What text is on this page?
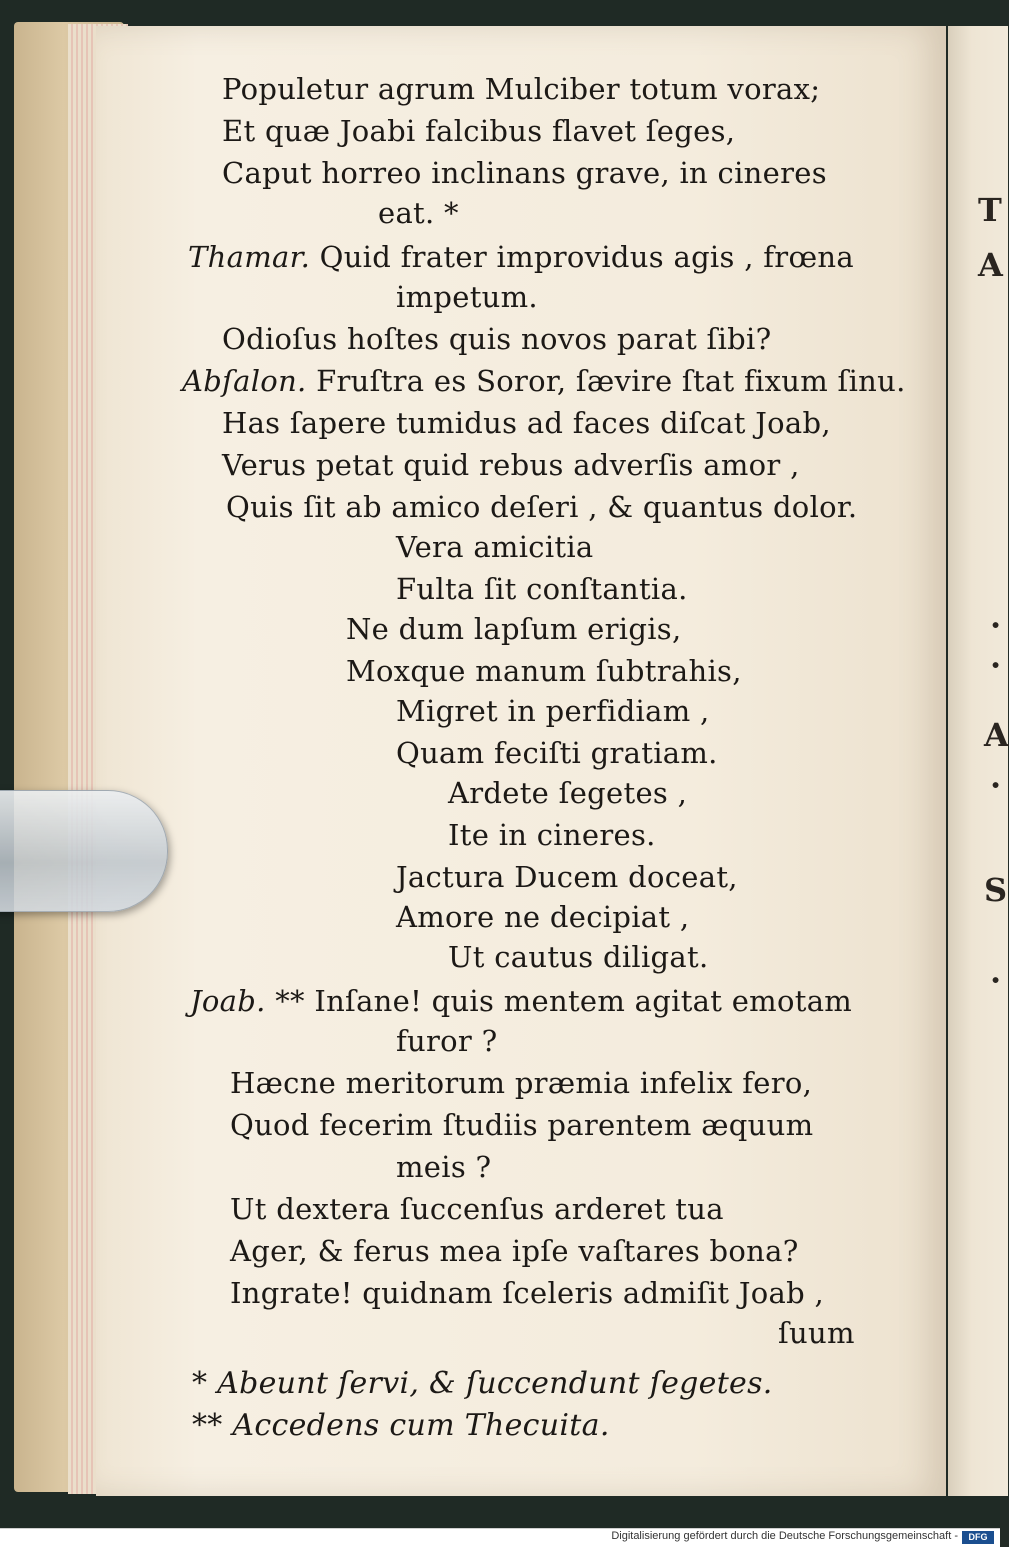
T
A
·
·
A
·
S
·
Populetur agrum Mulciber totum vorax;
Et quæ Joabi falcibus flavet ſeges,
Caput horreo inclinans grave, in cineres
eat. *
Thamar. Quid frater improvidus agis , frœna
impetum.
Odioſus hoſtes quis novos parat ſibi?
Abſalon. Fruſtra es Soror, ſævire ſtat fixum ſinu.
Has ſapere tumidus ad faces diſcat Joab,
Verus petat quid rebus adverſis amor ,
Quis ſit ab amico deſeri , & quantus dolor.
Vera amicitia
Fulta ſit conſtantia.
Ne dum lapſum erigis,
Moxque manum ſubtrahis,
Migret in perfidiam ,
Quam feciſti gratiam.
Ardete ſegetes ,
Ite in cineres.
Jactura Ducem doceat,
Amore ne decipiat ,
Ut cautus diligat.
Joab. ** Inſane! quis mentem agitat emotam
furor ?
Hæcne meritorum præmia infelix fero,
Quod fecerim ſtudiis parentem æquum
meis ?
Ut dextera ſuccenſus arderet tua
Ager, & ferus mea ipſe vaſtares bona?
Ingrate! quidnam ſceleris admiſit Joab ,
ſuum
* Abeunt ſervi, & ſuccendunt ſegetes.
** Accedens cum Thecuita.
Digitalisierung gefördert durch die Deutsche Forschungsgemeinschaft -	DFG
